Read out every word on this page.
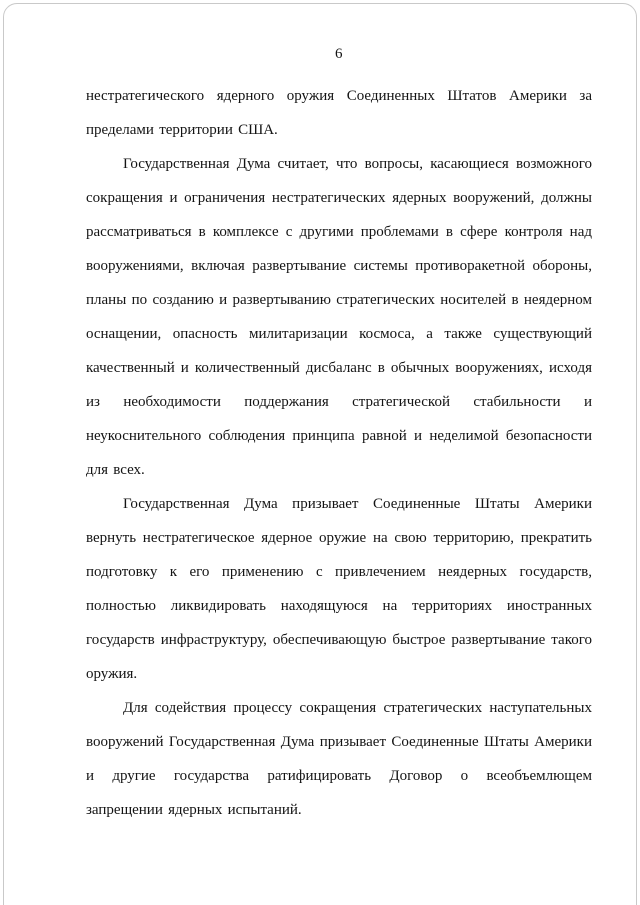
6

нестратегического ядерного оружия Соединенных Штатов Америки за пределами территории США.

Государственная Дума считает, что вопросы, касающиеся возможного сокращения и ограничения нестратегических ядерных вооружений, должны рассматриваться в комплексе с другими проблемами в сфере контроля над вооружениями, включая развертывание системы противоракетной обороны, планы по созданию и развертыванию стратегических носителей в неядерном оснащении, опасность милитаризации космоса, а также существующий качественный и количественный дисбаланс в обычных вооружениях, исходя из необходимости поддержания стратегической стабильности и неукоснительного соблюдения принципа равной и неделимой безопасности для всех.

Государственная Дума призывает Соединенные Штаты Америки вернуть нестратегическое ядерное оружие на свою территорию, прекратить подготовку к его применению с привлечением неядерных государств, полностью ликвидировать находящуюся на территориях иностранных государств инфраструктуру, обеспечивающую быстрое развертывание такого оружия.

Для содействия процессу сокращения стратегических наступательных вооружений Государственная Дума призывает Соединенные Штаты Америки и другие государства ратифицировать Договор о всеобъемлющем запрещении ядерных испытаний.
